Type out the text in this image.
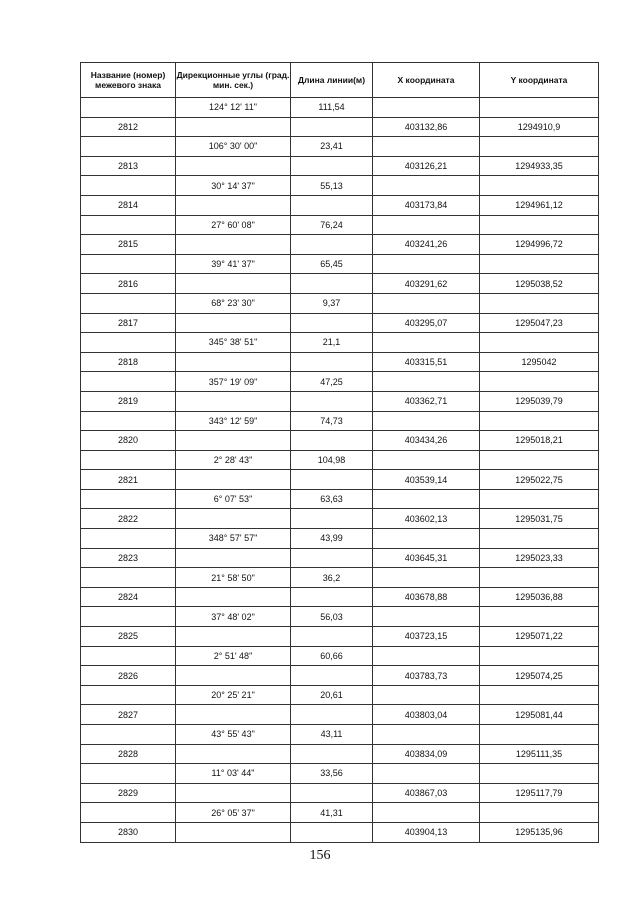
Название (номер) межевого знака	Дирекционные углы (град. мин. сек.)	Длина линии(м)	X координата	Y координата
	124° 12' 11"	111,54		
2812			403132,86	1294910,9
	106° 30' 00"	23,41		
2813			403126,21	1294933,35
	30° 14' 37"	55,13		
2814			403173,84	1294961,12
	27° 60' 08"	76,24		
2815			403241,26	1294996,72
	39° 41' 37"	65,45		
2816			403291,62	1295038,52
	68° 23' 30"	9,37		
2817			403295,07	1295047,23
	345° 38' 51"	21,1		
2818			403315,51	1295042
	357° 19' 09"	47,25		
2819			403362,71	1295039,79
	343° 12' 59"	74,73		
2820			403434,26	1295018,21
	2° 28' 43"	104,98		
2821			403539,14	1295022,75
	6° 07' 53"	63,63		
2822			403602,13	1295031,75
	348° 57' 57"	43,99		
2823			403645,31	1295023,33
	21° 58' 50"	36,2		
2824			403678,88	1295036,88
	37° 48' 02"	56,03		
2825			403723,15	1295071,22
	2° 51' 48"	60,66		
2826			403783,73	1295074,25
	20° 25' 21"	20,61		
2827			403803,04	1295081,44
	43° 55' 43"	43,11		
2828			403834,09	1295111,35
	11° 03' 44"	33,56		
2829			403867,03	1295117,79
	26° 05' 37"	41,31		
2830			403904,13	1295135,96
156
